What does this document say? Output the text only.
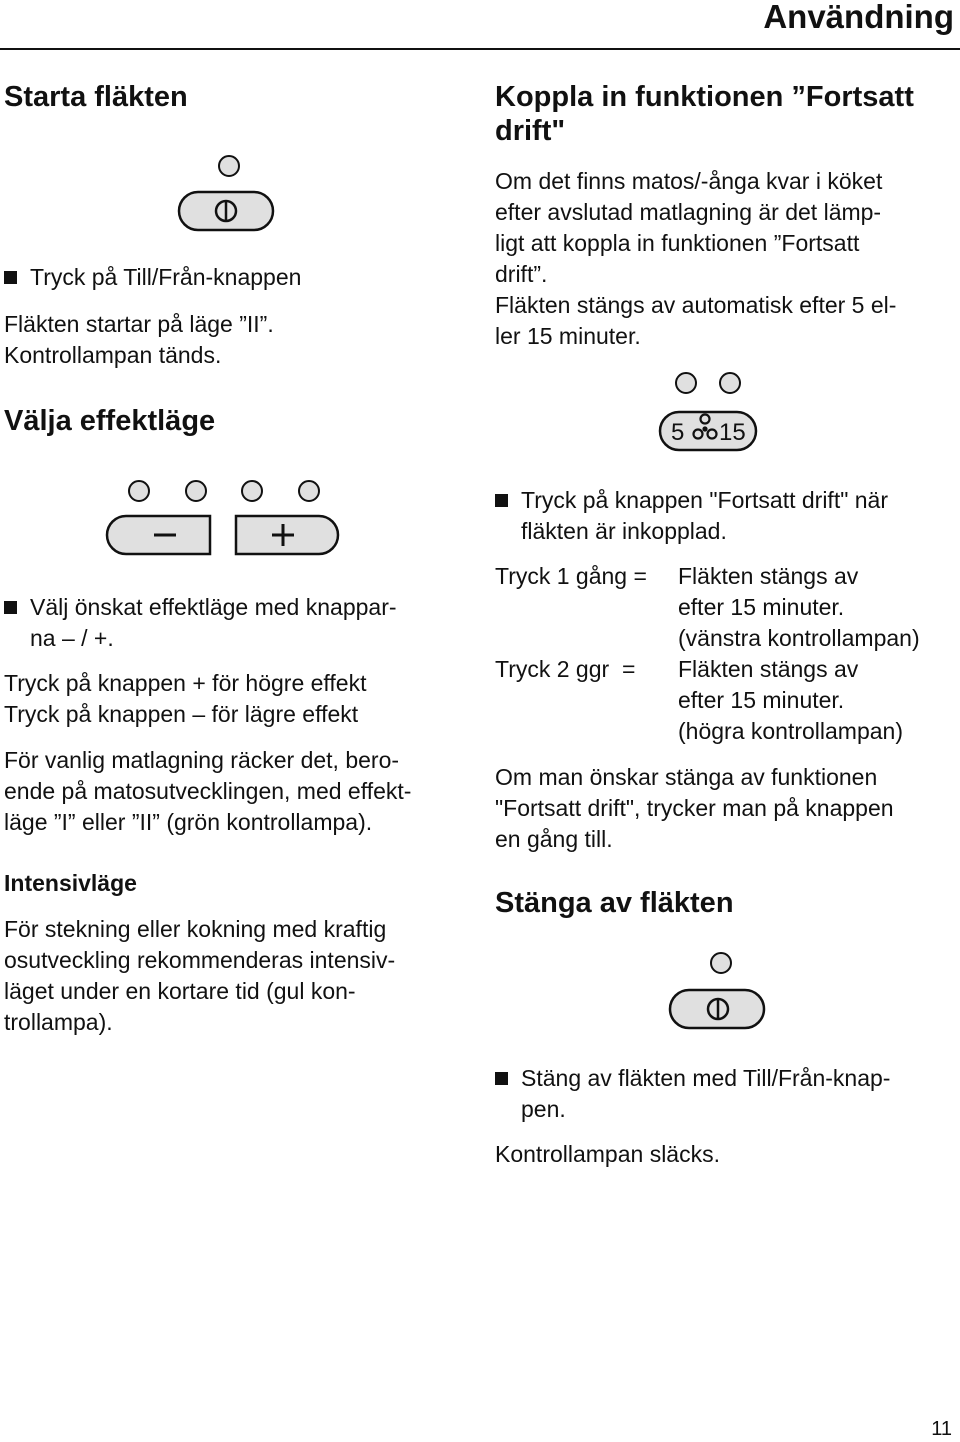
Användning
Starta fläkten
Tryck på Till/Från-knappen
Fläkten startar på läge ”II”.
Kontrollampan tänds.
Välja effektläge
Välj önskat effektläge med knappar-
na – / +.
Tryck på knappen + för högre effekt
Tryck på knappen – för lägre effekt
För vanlig matlagning räcker det, bero-
ende på matosutvecklingen, med effekt-
läge ”I” eller ”II” (grön kontrollampa).
Intensivläge
För stekning eller kokning med kraftig
osutveckling rekommenderas intensiv-
läget under en kortare tid (gul kon-
trollampa).
Koppla in funktionen ”Fortsatt
drift"
Om det finns matos/-ånga kvar i köket
efter avslutad matlagning är det lämp-
ligt att koppla in funktionen ”Fortsatt
drift”.
Fläkten stängs av automatisk efter 5 el-
ler 15 minuter.
5 15
Tryck på knappen "Fortsatt drift" när
fläkten är inkopplad.
Tryck 1 gång = Fläkten stängs av
efter 15 minuter.
(vänstra kontrollampan)
Tryck 2 ggr  = Fläkten stängs av
efter 15 minuter.
(högra kontrollampan)
Om man önskar stänga av funktionen
"Fortsatt drift", trycker man på knappen
en gång till.
Stänga av fläkten
Stäng av fläkten med Till/Från-knap-
pen.
Kontrollampan släcks.
11
